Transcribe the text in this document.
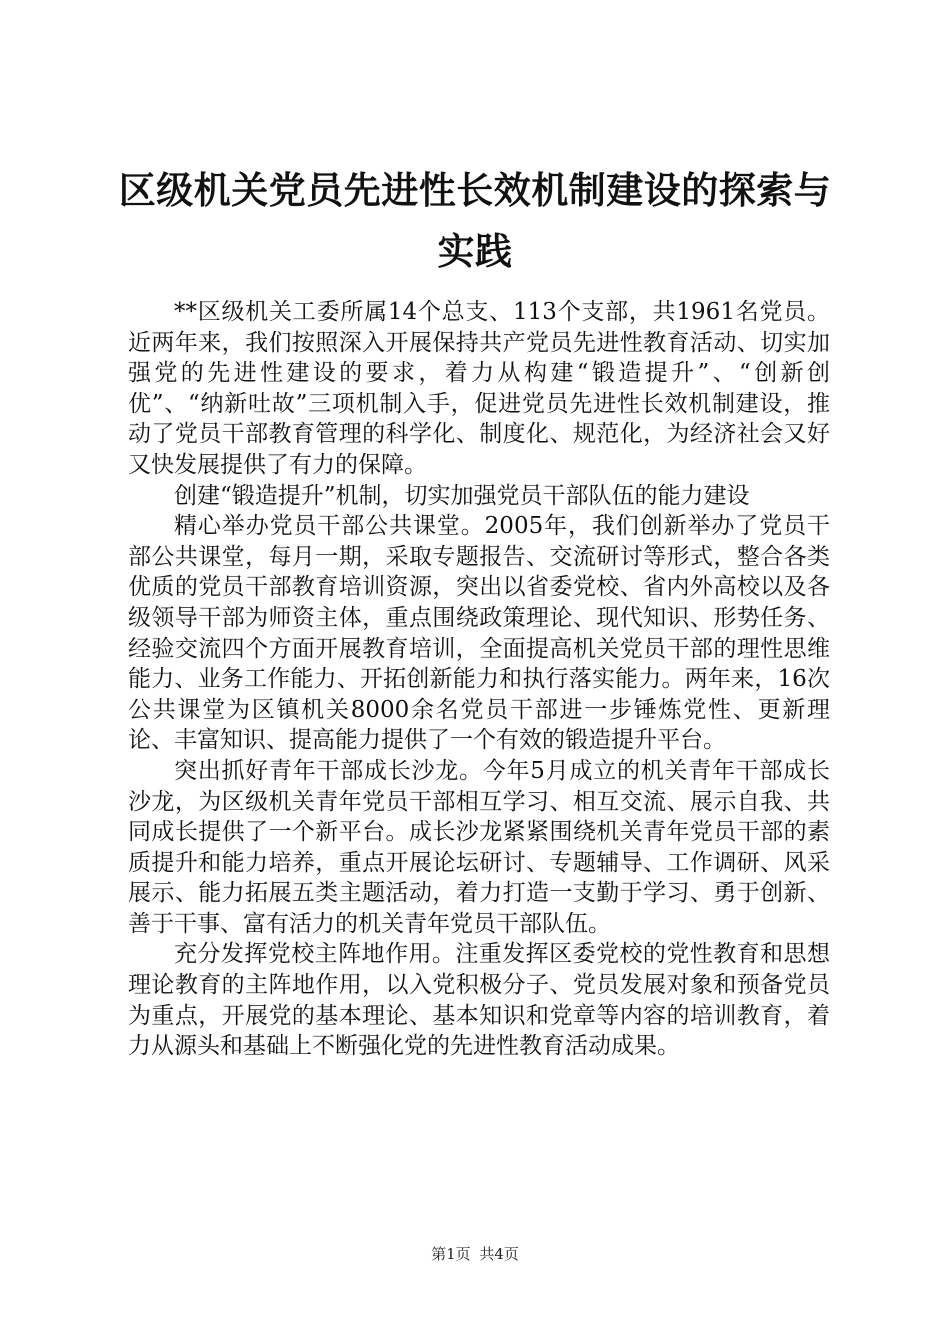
区级机关党员先进性长效机制建设的探索与实践

**区级机关工委所属14个总支、113个支部，共1961名党员。近两年来，我们按照深入开展保持共产党员先进性教育活动、切实加强党的先进性建设的要求，着力从构建“锻造提升”、“创新创优”、“纳新吐故”三项机制入手，促进党员先进性长效机制建设，推动了党员干部教育管理的科学化、制度化、规范化，为经济社会又好又快发展提供了有力的保障。

创建“锻造提升”机制，切实加强党员干部队伍的能力建设

精心举办党员干部公共课堂。2005年，我们创新举办了党员干部公共课堂，每月一期，采取专题报告、交流研讨等形式，整合各类优质的党员干部教育培训资源，突出以省委党校、省内外高校以及各级领导干部为师资主体，重点围绕政策理论、现代知识、形势任务、经验交流四个方面开展教育培训，全面提高机关党员干部的理性思维能力、业务工作能力、开拓创新能力和执行落实能力。两年来，16次公共课堂为区镇机关8000余名党员干部进一步锤炼党性、更新理论、丰富知识、提高能力提供了一个有效的锻造提升平台。

突出抓好青年干部成长沙龙。今年5月成立的机关青年干部成长沙龙，为区级机关青年党员干部相互学习、相互交流、展示自我、共同成长提供了一个新平台。成长沙龙紧紧围绕机关青年党员干部的素质提升和能力培养，重点开展论坛研讨、专题辅导、工作调研、风采展示、能力拓展五类主题活动，着力打造一支勤于学习、勇于创新、善于干事、富有活力的机关青年党员干部队伍。

充分发挥党校主阵地作用。注重发挥区委党校的党性教育和思想理论教育的主阵地作用，以入党积极分子、党员发展对象和预备党员为重点，开展党的基本理论、基本知识和党章等内容的培训教育，着力从源头和基础上不断强化党的先进性教育活动成果。

第1页 共4页
